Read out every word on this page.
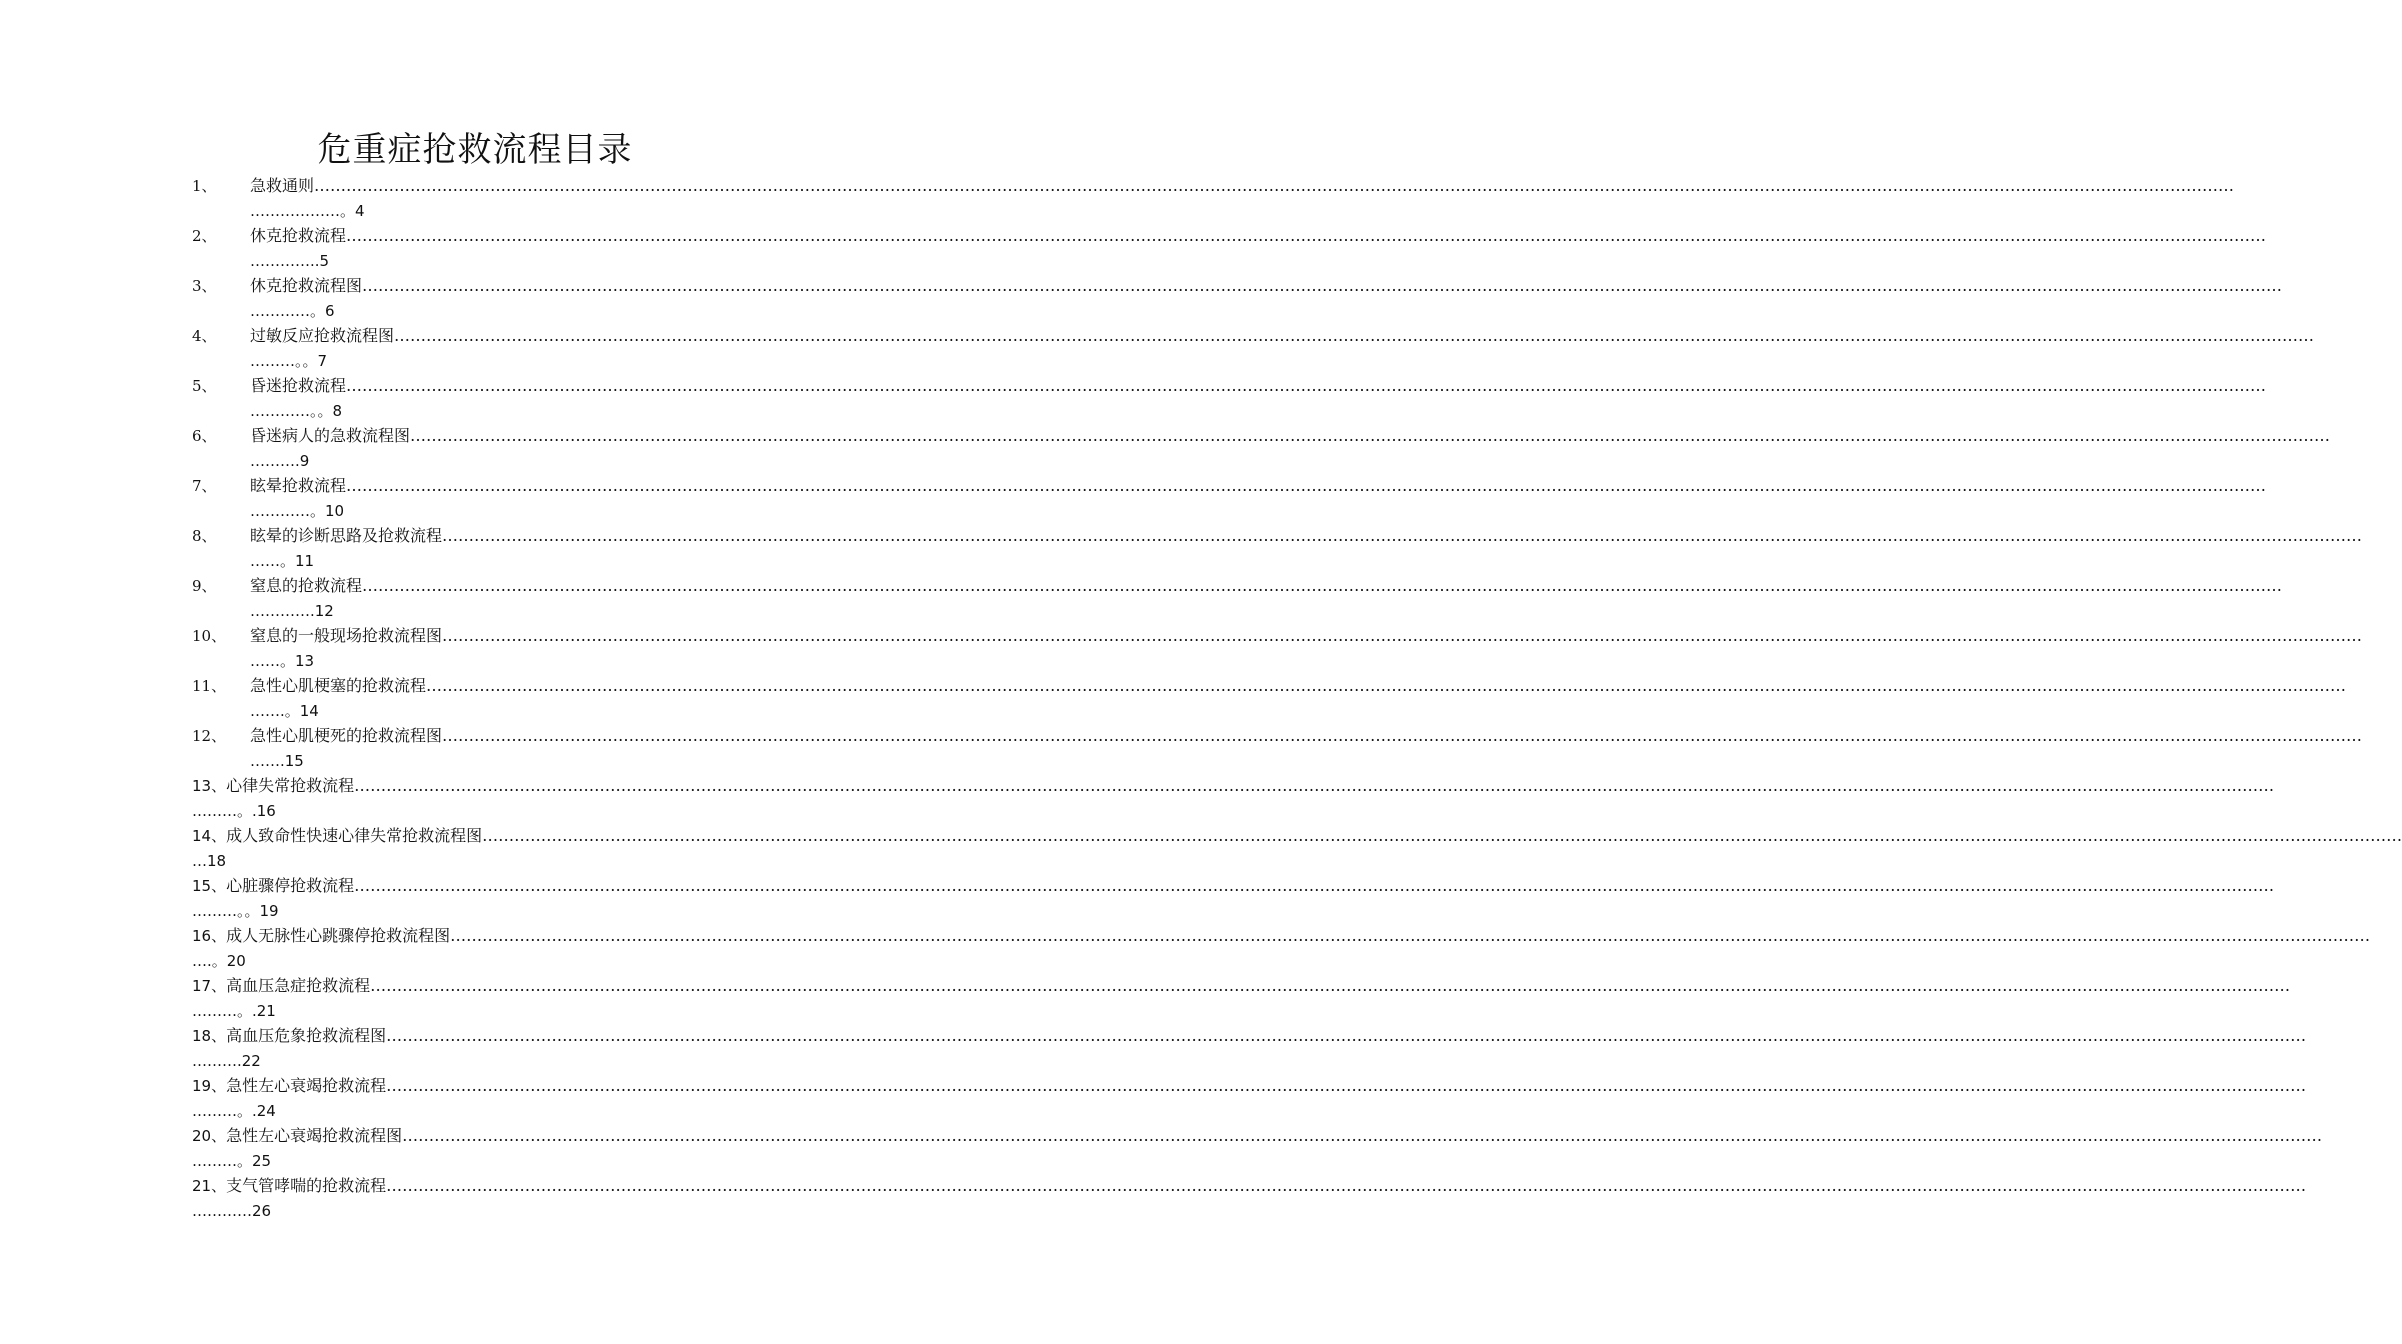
危重症抢救流程目录
1、 急救通则………………………………………………………………………………………………………………………………………………………………………………………………………………………………………………………………………………………………………………………………
………………。4
2、 休克抢救流程………………………………………………………………………………………………………………………………………………………………………………………………………………………………………………………………………………………………………………………………
…………..5
3、 休克抢救流程图………………………………………………………………………………………………………………………………………………………………………………………………………………………………………………………………………………………………………………………………
…………。6
4、 过敏反应抢救流程图………………………………………………………………………………………………………………………………………………………………………………………………………………………………………………………………………………………………………………………………
………。。7
5、 昏迷抢救流程………………………………………………………………………………………………………………………………………………………………………………………………………………………………………………………………………………………………………………………………
…………。。8
6、 昏迷病人的急救流程图………………………………………………………………………………………………………………………………………………………………………………………………………………………………………………………………………………………………………………………………
……….9
7、 眩晕抢救流程………………………………………………………………………………………………………………………………………………………………………………………………………………………………………………………………………………………………………………………………
…………。10
8、 眩晕的诊断思路及抢救流程………………………………………………………………………………………………………………………………………………………………………………………………………………………………………………………………………………………………………………………………
……。11
9、 窒息的抢救流程………………………………………………………………………………………………………………………………………………………………………………………………………………………………………………………………………………………………………………………………
………….12
10、 窒息的一般现场抢救流程图………………………………………………………………………………………………………………………………………………………………………………………………………………………………………………………………………………………………………………………………
……。13
11、 急性心肌梗塞的抢救流程………………………………………………………………………………………………………………………………………………………………………………………………………………………………………………………………………………………………………………………………
…….。14
12、 急性心肌梗死的抢救流程图………………………………………………………………………………………………………………………………………………………………………………………………………………………………………………………………………………………………………………………………
…….15
13、心律失常抢救流程………………………………………………………………………………………………………………………………………………………………………………………………………………………………………………………………………………………………………………………………
………。.16
14、成人致命性快速心律失常抢救流程图………………………………………………………………………………………………………………………………………………………………………………………………………………………………………………………………………………………………………………………………
…18
15、心脏骤停抢救流程………………………………………………………………………………………………………………………………………………………………………………………………………………………………………………………………………………………………………………………………
………。。19
16、成人无脉性心跳骤停抢救流程图………………………………………………………………………………………………………………………………………………………………………………………………………………………………………………………………………………………………………………………………
….。20
17、高血压急症抢救流程………………………………………………………………………………………………………………………………………………………………………………………………………………………………………………………………………………………………………………………………
………。.21
18、高血压危象抢救流程图………………………………………………………………………………………………………………………………………………………………………………………………………………………………………………………………………………………………………………………………
……….22
19、急性左心衰竭抢救流程………………………………………………………………………………………………………………………………………………………………………………………………………………………………………………………………………………………………………………………………
………。.24
20、急性左心衰竭抢救流程图………………………………………………………………………………………………………………………………………………………………………………………………………………………………………………………………………………………………………………………………
………。25
21、支气管哮喘的抢救流程………………………………………………………………………………………………………………………………………………………………………………………………………………………………………………………………………………………………………………………………
…………26
